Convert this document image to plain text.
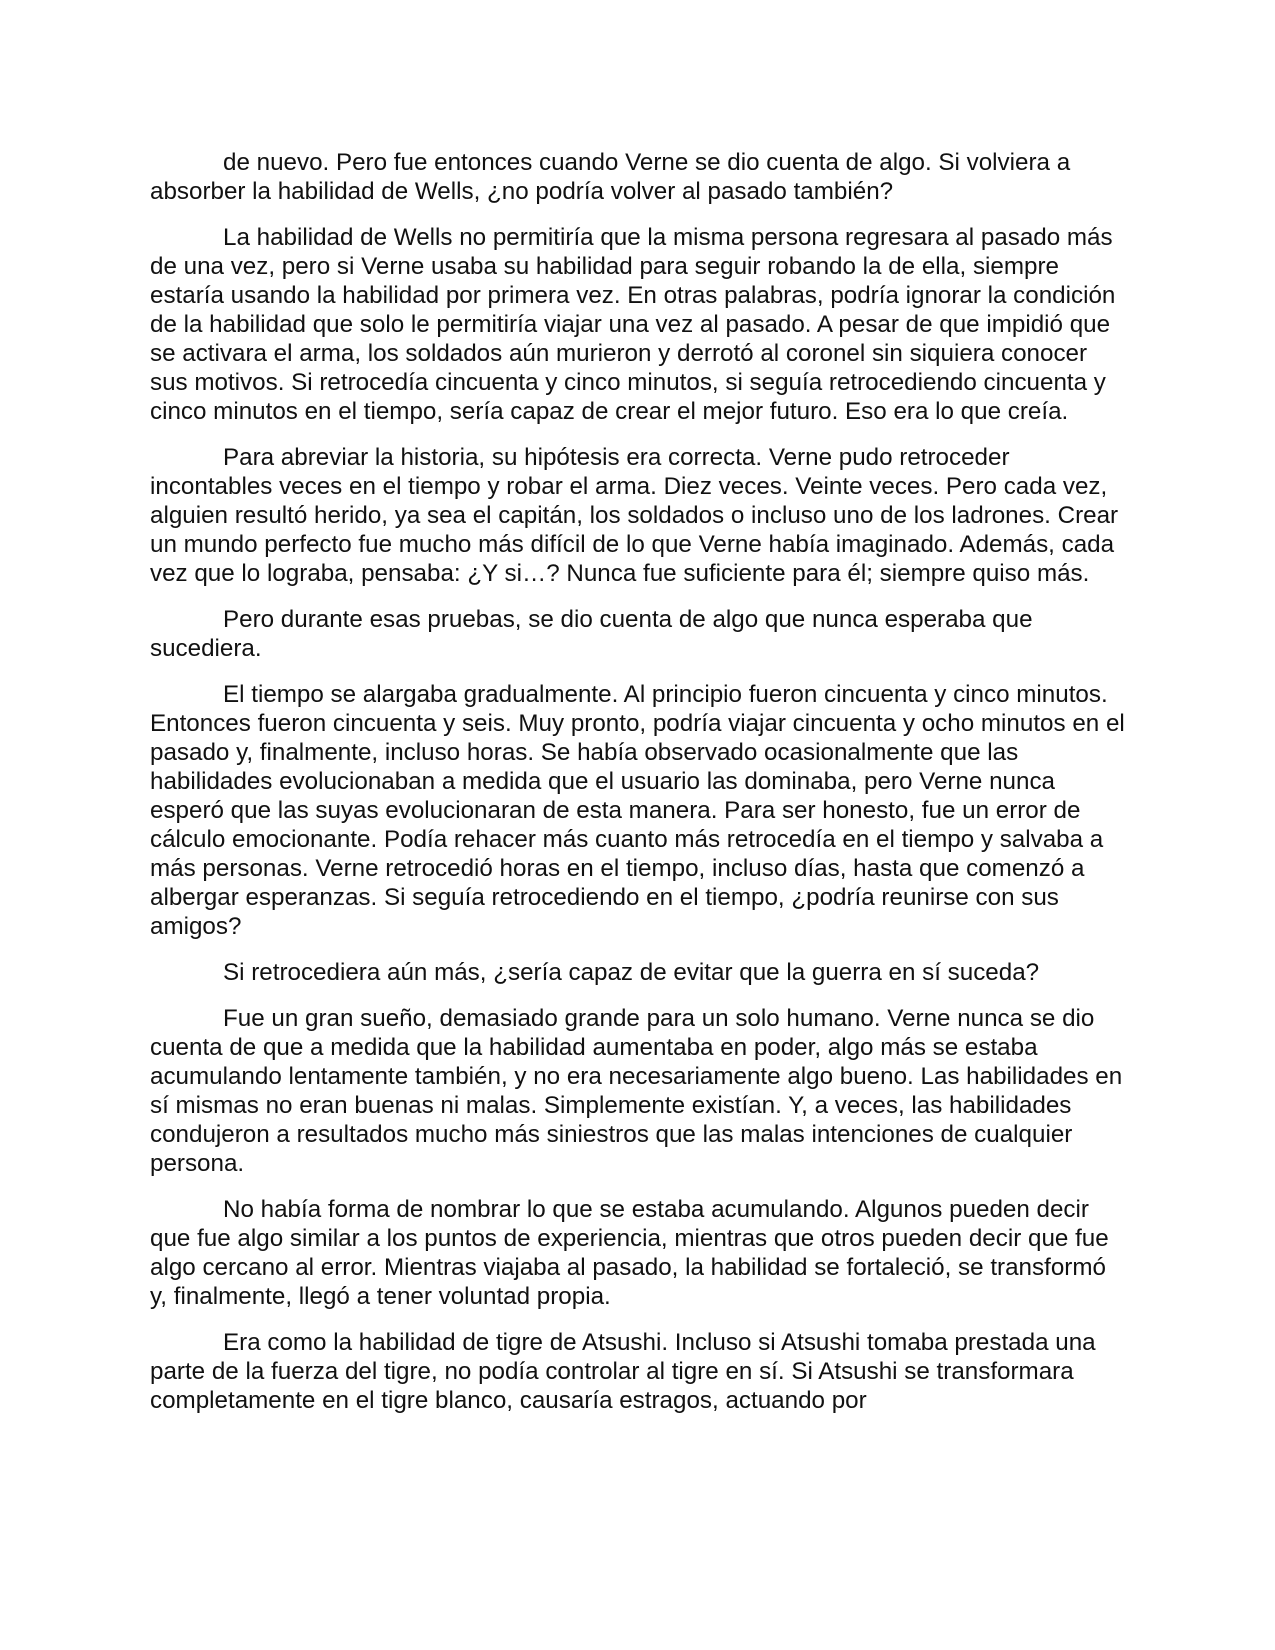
de nuevo. Pero fue entonces cuando Verne se dio cuenta de algo. Si volviera a absorber la habilidad de Wells, ¿no podría volver al pasado también?

La habilidad de Wells no permitiría que la misma persona regresara al pasado más de una vez, pero si Verne usaba su habilidad para seguir robando la de ella, siempre estaría usando la habilidad por primera vez. En otras palabras, podría ignorar la condición de la habilidad que solo le permitiría viajar una vez al pasado. A pesar de que impidió que se activara el arma, los soldados aún murieron y derrotó al coronel sin siquiera conocer sus motivos. Si retrocedía cincuenta y cinco minutos, si seguía retrocediendo cincuenta y cinco minutos en el tiempo, sería capaz de crear el mejor futuro. Eso era lo que creía.

Para abreviar la historia, su hipótesis era correcta. Verne pudo retroceder incontables veces en el tiempo y robar el arma. Diez veces. Veinte veces. Pero cada vez, alguien resultó herido, ya sea el capitán, los soldados o incluso uno de los ladrones. Crear un mundo perfecto fue mucho más difícil de lo que Verne había imaginado. Además, cada vez que lo lograba, pensaba: ¿Y si…? Nunca fue suficiente para él; siempre quiso más.

Pero durante esas pruebas, se dio cuenta de algo que nunca esperaba que sucediera.

El tiempo se alargaba gradualmente. Al principio fueron cincuenta y cinco minutos. Entonces fueron cincuenta y seis. Muy pronto, podría viajar cincuenta y ocho minutos en el pasado y, finalmente, incluso horas. Se había observado ocasionalmente que las habilidades evolucionaban a medida que el usuario las dominaba, pero Verne nunca esperó que las suyas evolucionaran de esta manera. Para ser honesto, fue un error de cálculo emocionante. Podía rehacer más cuanto más retrocedía en el tiempo y salvaba a más personas. Verne retrocedió horas en el tiempo, incluso días, hasta que comenzó a albergar esperanzas. Si seguía retrocediendo en el tiempo, ¿podría reunirse con sus amigos?

Si retrocediera aún más, ¿sería capaz de evitar que la guerra en sí suceda?

Fue un gran sueño, demasiado grande para un solo humano. Verne nunca se dio cuenta de que a medida que la habilidad aumentaba en poder, algo más se estaba acumulando lentamente también, y no era necesariamente algo bueno. Las habilidades en sí mismas no eran buenas ni malas. Simplemente existían. Y, a veces, las habilidades condujeron a resultados mucho más siniestros que las malas intenciones de cualquier persona.

No había forma de nombrar lo que se estaba acumulando. Algunos pueden decir que fue algo similar a los puntos de experiencia, mientras que otros pueden decir que fue algo cercano al error. Mientras viajaba al pasado, la habilidad se fortaleció, se transformó y, finalmente, llegó a tener voluntad propia.

Era como la habilidad de tigre de Atsushi. Incluso si Atsushi tomaba prestada una parte de la fuerza del tigre, no podía controlar al tigre en sí. Si Atsushi se transformara completamente en el tigre blanco, causaría estragos, actuando por
